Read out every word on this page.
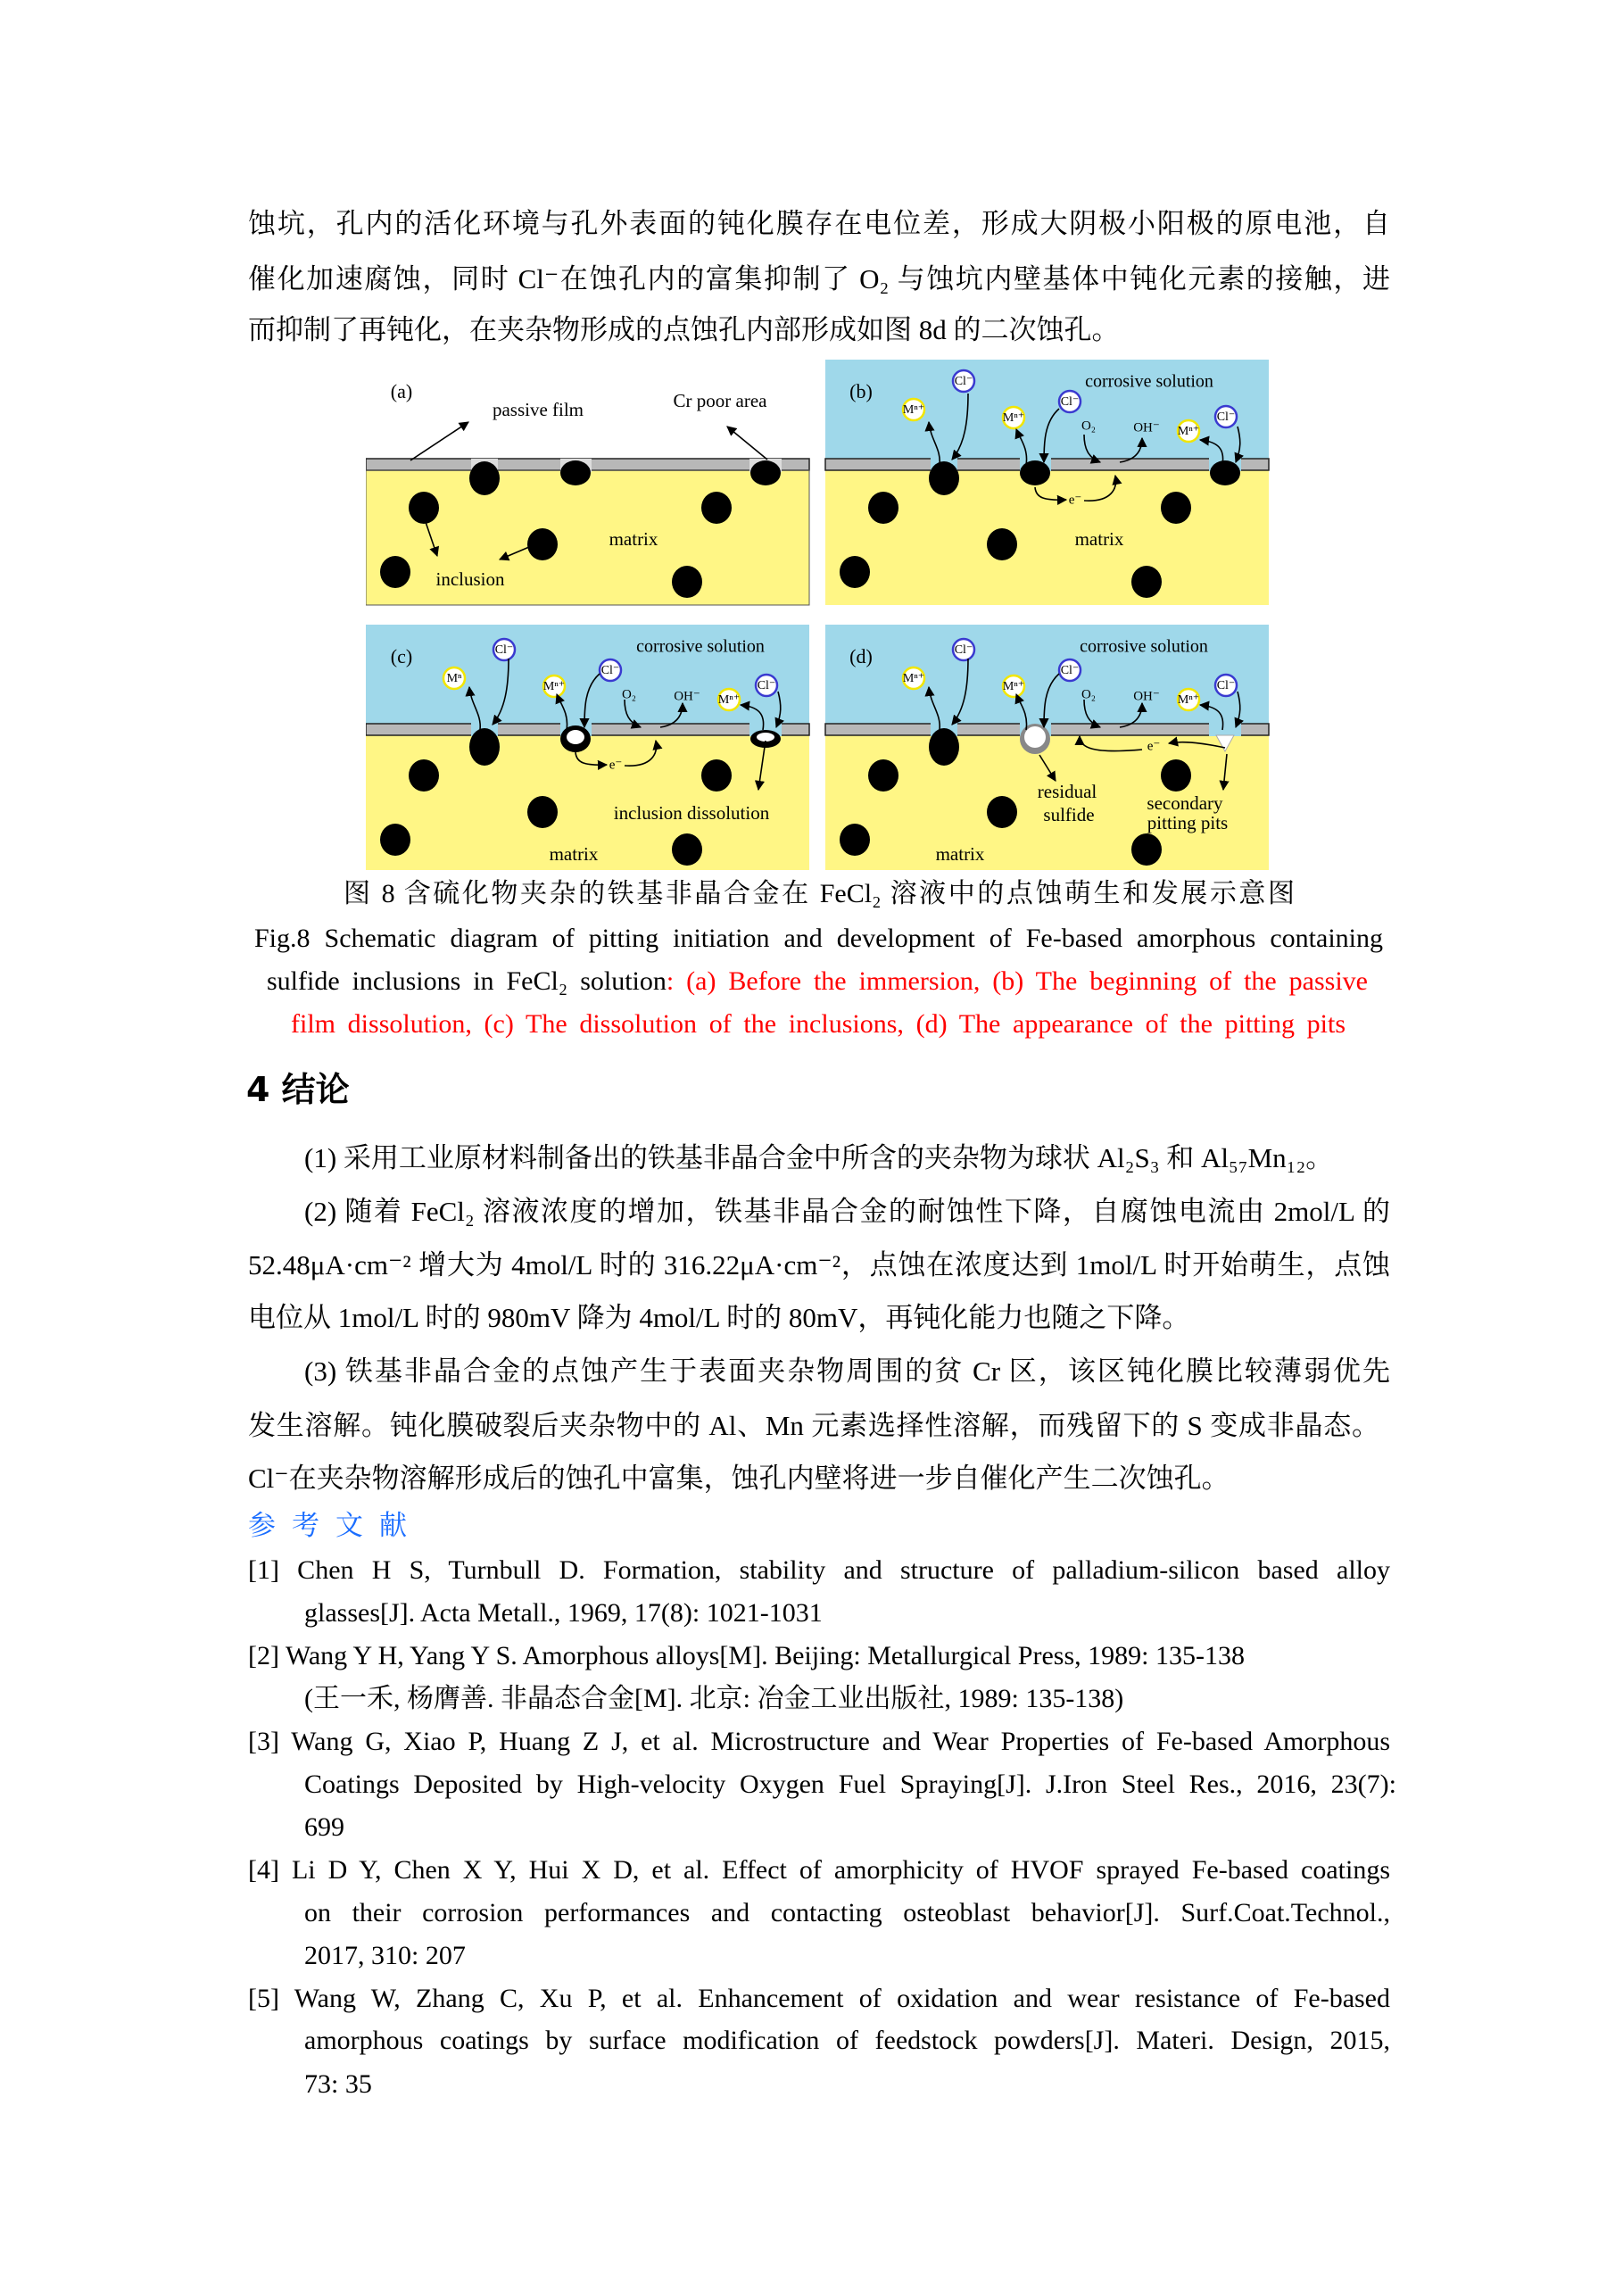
蚀坑，孔内的活化环境与孔外表面的钝化膜存在电位差，形成大阴极小阳极的原电池，自
催化加速腐蚀，同时 Cl⁻在蚀孔内的富集抑制了 O₂ 与蚀坑内壁基体中钝化元素的接触，进
而抑制了再钝化，在夹杂物形成的点蚀孔内部形成如图 8d 的二次蚀孔。
(a)
passive film	Cr poor area
matrix
inclusion
(b)	corrosive solution
Mⁿ⁺
Cl⁻
Mⁿ⁺
Cl⁻
Mⁿ⁺
Cl⁻
O₂	OH⁻
e⁻
matrix
(c)	corrosive solution
Mⁿ
Cl⁻
Mⁿ⁺
Cl⁻
Mⁿ⁺
Cl⁻
O₂	OH⁻
e⁻
inclusion dissolution
matrix
(d)	corrosive solution
Mⁿ⁺
Cl⁻
Mⁿ⁺
Cl⁻
Mⁿ⁺
Cl⁻
O₂	OH⁻
e⁻
residual
sulfide
secondary
pitting pits
matrix
图 8 含硫化物夹杂的铁基非晶合金在 FeCl₂ 溶液中的点蚀萌生和发展示意图
Fig.8 Schematic diagram of pitting initiation and development of Fe-based amorphous containing
sulfide inclusions in FeCl₂ solution: (a) Before the immersion, (b) The beginning of the passive
film dissolution, (c) The dissolution of the inclusions, (d) The appearance of the pitting pits
4 结论
(1) 采用工业原材料制备出的铁基非晶合金中所含的夹杂物为球状 Al₂S₃ 和 Al₅₇Mn₁₂。
(2) 随着 FeCl₂ 溶液浓度的增加，铁基非晶合金的耐蚀性下降，自腐蚀电流由 2mol/L 的
52.48μA·cm⁻² 增大为 4mol/L 时的 316.22μA·cm⁻²，点蚀在浓度达到 1mol/L 时开始萌生，点蚀
电位从 1mol/L 时的 980mV 降为 4mol/L 时的 80mV，再钝化能力也随之下降。
(3) 铁基非晶合金的点蚀产生于表面夹杂物周围的贫 Cr 区，该区钝化膜比较薄弱优先
发生溶解。钝化膜破裂后夹杂物中的 Al、Mn 元素选择性溶解，而残留下的 S 变成非晶态。
Cl⁻在夹杂物溶解形成后的蚀孔中富集，蚀孔内壁将进一步自催化产生二次蚀孔。
参考文献
[1] Chen H S, Turnbull D. Formation, stability and structure of palladium-silicon based alloy
glasses[J]. Acta Metall., 1969, 17(8): 1021-1031
[2] Wang Y H, Yang Y S. Amorphous alloys[M]. Beijing: Metallurgical Press, 1989: 135-138
(王一禾, 杨膺善. 非晶态合金[M]. 北京: 冶金工业出版社, 1989: 135-138)
[3] Wang G, Xiao P, Huang Z J, et al. Microstructure and Wear Properties of Fe-based Amorphous
Coatings Deposited by High-velocity Oxygen Fuel Spraying[J]. J.Iron Steel Res., 2016, 23(7):
699
[4] Li D Y, Chen X Y, Hui X D, et al. Effect of amorphicity of HVOF sprayed Fe-based coatings
on their corrosion performances and contacting osteoblast behavior[J]. Surf.Coat.Technol.,
2017, 310: 207
[5] Wang W, Zhang C, Xu P, et al. Enhancement of oxidation and wear resistance of Fe-based
amorphous coatings by surface modification of feedstock powders[J]. Materi. Design, 2015,
73: 35
